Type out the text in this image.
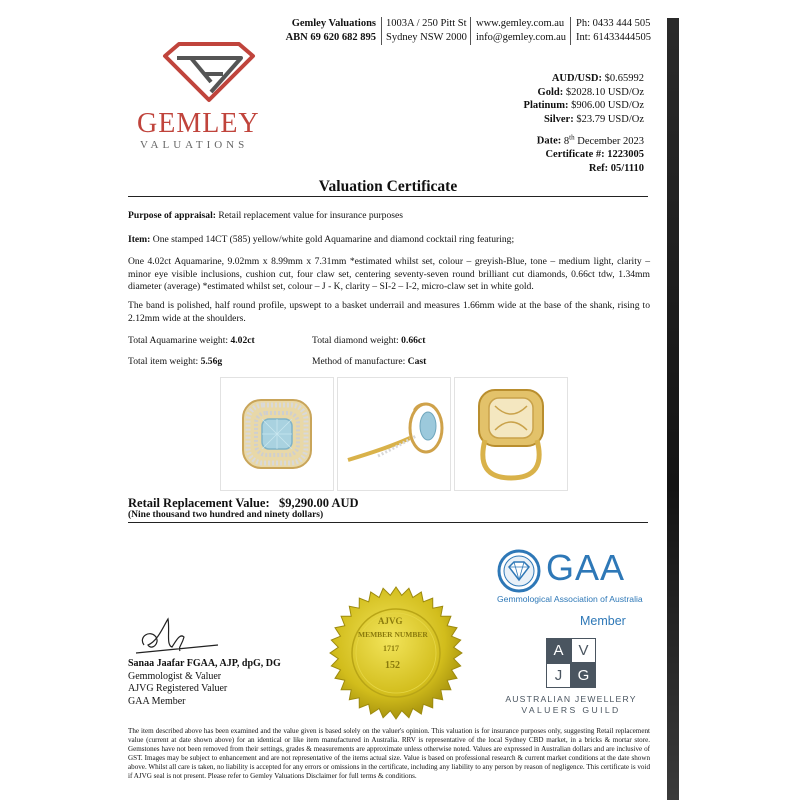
GEMLEY
VALUATIONS
Gemley Valuations
ABN 69 620 682 895
1003A / 250 Pitt St
Sydney NSW 2000
www.gemley.com.au
info@gemley.com.au
Ph: 0433 444 505
Int: 61433444505
AUD/USD: $0.65992
Gold: $2028.10 USD/Oz
Platinum: $906.00 USD/Oz
Silver: $23.79 USD/Oz
Date: 8th December 2023
Certificate #: 1223005
Ref: 05/1110
Valuation Certificate
Purpose of appraisal: Retail replacement value for insurance purposes
Item: One stamped 14CT (585) yellow/white gold Aquamarine and diamond cocktail ring featuring;
One 4.02ct Aquamarine, 9.02mm x 8.99mm x 7.31mm *estimated whilst set, colour – greyish-Blue, tone – medium light, clarity – minor eye visible inclusions, cushion cut, four claw set, centering seventy-seven round brilliant cut diamonds, 0.66ct tdw, 1.34mm diameter (average) *estimated whilst set, colour – J - K, clarity – SI-2 – I-2, micro-claw set in white gold.
The band is polished, half round profile, upswept to a basket underrail and measures 1.66mm wide at the base of the shank, rising to 2.12mm wide at the shoulders.
Total Aquamarine weight: 4.02ct	Total diamond weight: 0.66ct
Total item weight: 5.56g	Method of manufacture: Cast
Retail Replacement Value: $9,290.00 AUD
(Nine thousand two hundred and ninety dollars)
GAA
Gemmological Association of Australia
Member
AJVG
MEMBER NUMBER
1717
152
A V
J	G
AUSTRALIAN JEWELLERY
VALUERS GUILD
Sanaa Jaafar FGAA, AJP, dpG, DG
Gemmologist & Valuer
AJVG Registered Valuer
GAA Member
The item described above has been examined and the value given is based solely on the valuer's opinion. This valuation is for insurance purposes only, suggesting Retail replacement value (current at date shown above) for an identical or like item manufactured in Australia. RRV is representative of the local Sydney CBD market, in a bricks & mortar store. Gemstones have not been removed from their settings, grades & measurements are approximate unless otherwise noted. Values are expressed in Australian dollars and are inclusive of GST. Images may be subject to enhancement and are not representative of the items actual size. Value is based on professional research & current market conditions at the date shown above. Whilst all care is taken, no liability is accepted for any errors or omissions in the certificate, including any liability to any person by reason of negligence. This certificate is void if AJVG seal is not present. Please refer to Gemley Valuations Disclaimer for full terms & conditions.
